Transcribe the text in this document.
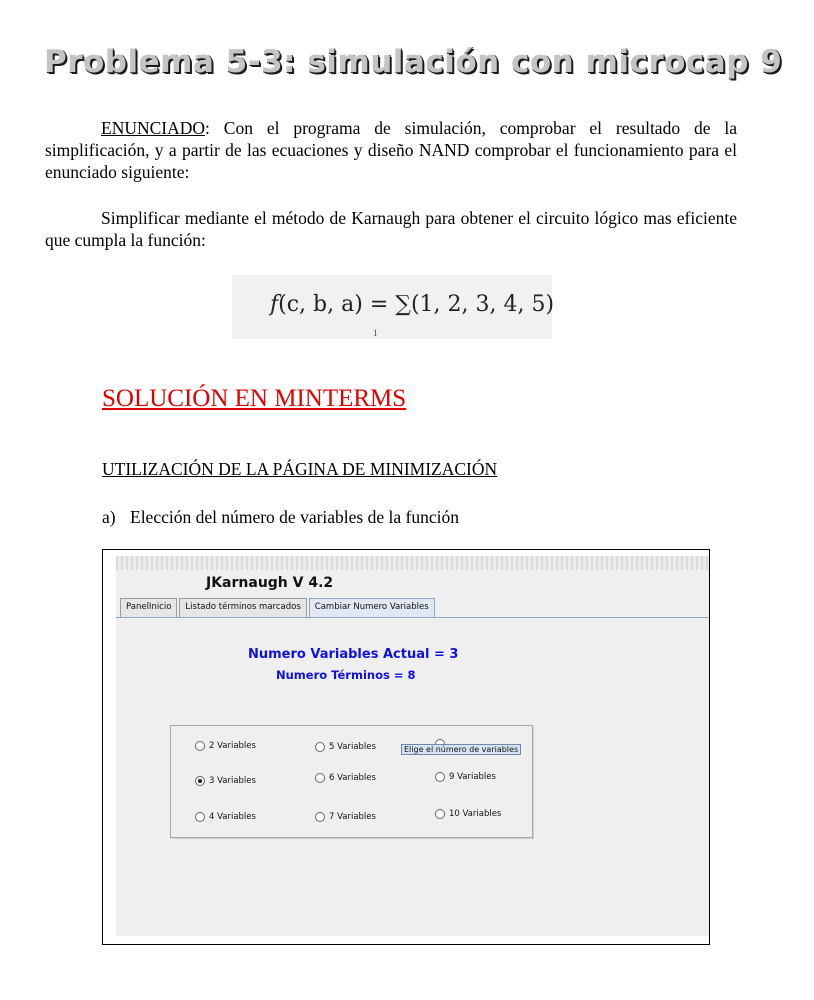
Problema 5-3: simulación con microcap 9
ENUNCIADO: Con el programa de simulación, comprobar el resultado de la simplificación, y a partir de las ecuaciones y diseño NAND comprobar el funcionamiento para el enunciado siguiente:
Simplificar mediante el método de Karnaugh para obtener el circuito lógico mas eficiente que cumpla la función:
f(c, b, a) = ∑(1, 2, 3, 4, 5)
1
SOLUCIÓN EN MINTERMS
UTILIZACIÓN DE LA PÁGINA DE MINIMIZACIÓN
a) Elección del número de variables de la función
JKarnaugh V 4.2
PanelInicio	Listado términos marcados	Cambiar Numero Variables
Numero Variables Actual = 3
Numero Términos = 8
2 Variables
3 Variables
4 Variables
5 Variables
6 Variables
7 Variables
9 Variables
10 Variables
Elige el número de variables
